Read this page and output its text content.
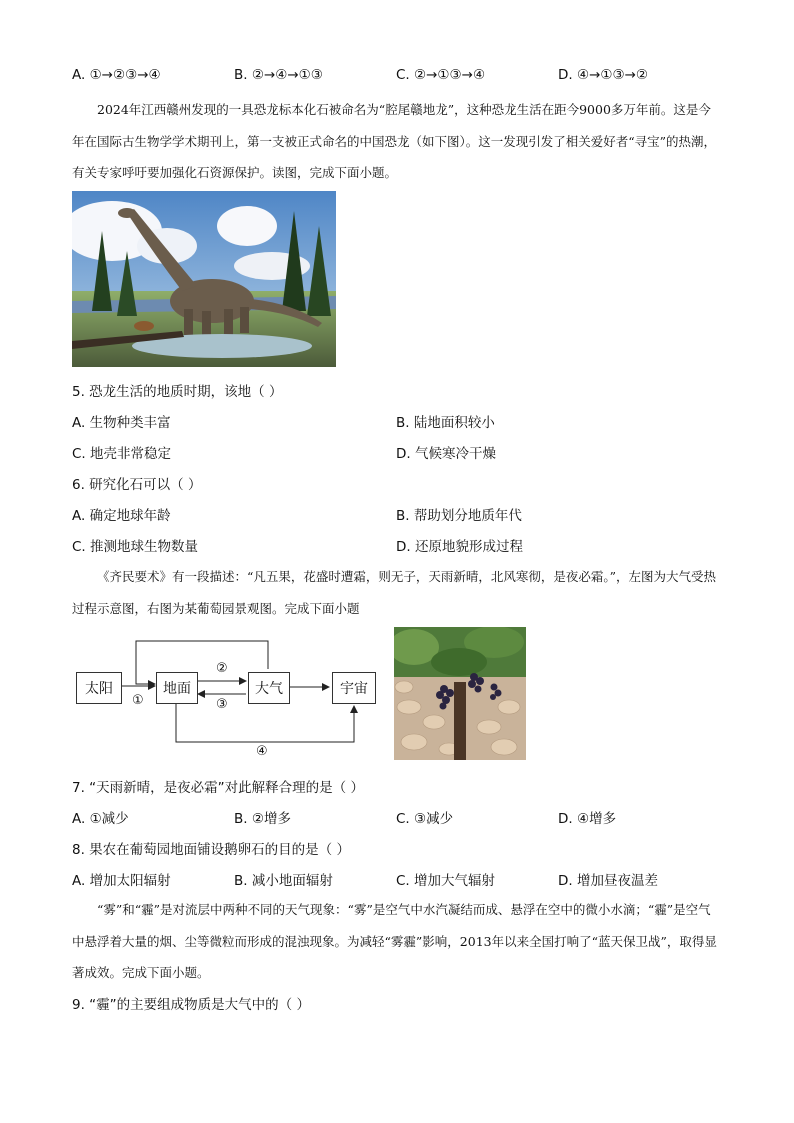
A. ①→②③→④	B. ②→④→①③	C. ②→①③→④	D. ④→①③→②
2024年江西赣州发现的一具恐龙标本化石被命名为“腔尾赣地龙”，这种恐龙生活在距今9000多万年前。这是今年在国际古生物学学术期刊上，第一支被正式命名的中国恐龙（如下图）。这一发现引发了相关爱好者“寻宝”的热潮，有关专家呼吁要加强化石资源保护。读图，完成下面小题。
5. 恐龙生活的地质时期，该地（ ）
A. 生物种类丰富	B. 陆地面积较小
C. 地壳非常稳定	D. 气候寒冷干燥
6. 研究化石可以（ ）
A. 确定地球年龄	B. 帮助划分地质年代
C. 推测地球生物数量	D. 还原地貌形成过程
《齐民要术》有一段描述：“凡五果，花盛时遭霜，则无子，天雨新晴，北风寒彻，是夜必霜。”，左图为大气受热过程示意图，右图为某葡萄园景观图。完成下面小题
太阳	地面	大气	宇宙
①
②
③
④
7. “天雨新晴，是夜必霜”对此解释合理的是（ ）
A. ①减少	B. ②增多	C. ③减少	D. ④增多
8. 果农在葡萄园地面铺设鹅卵石的目的是（ ）
A. 增加太阳辐射	B. 减小地面辐射	C. 增加大气辐射	D. 增加昼夜温差
“雾”和“霾”是对流层中两种不同的天气现象：“雾”是空气中水汽凝结而成、悬浮在空中的微小水滴；“霾”是空气中悬浮着大量的烟、尘等微粒而形成的混浊现象。为减轻“雾霾”影响，2013年以来全国打响了“蓝天保卫战”，取得显著成效。完成下面小题。
9. “霾”的主要组成物质是大气中的（ ）
